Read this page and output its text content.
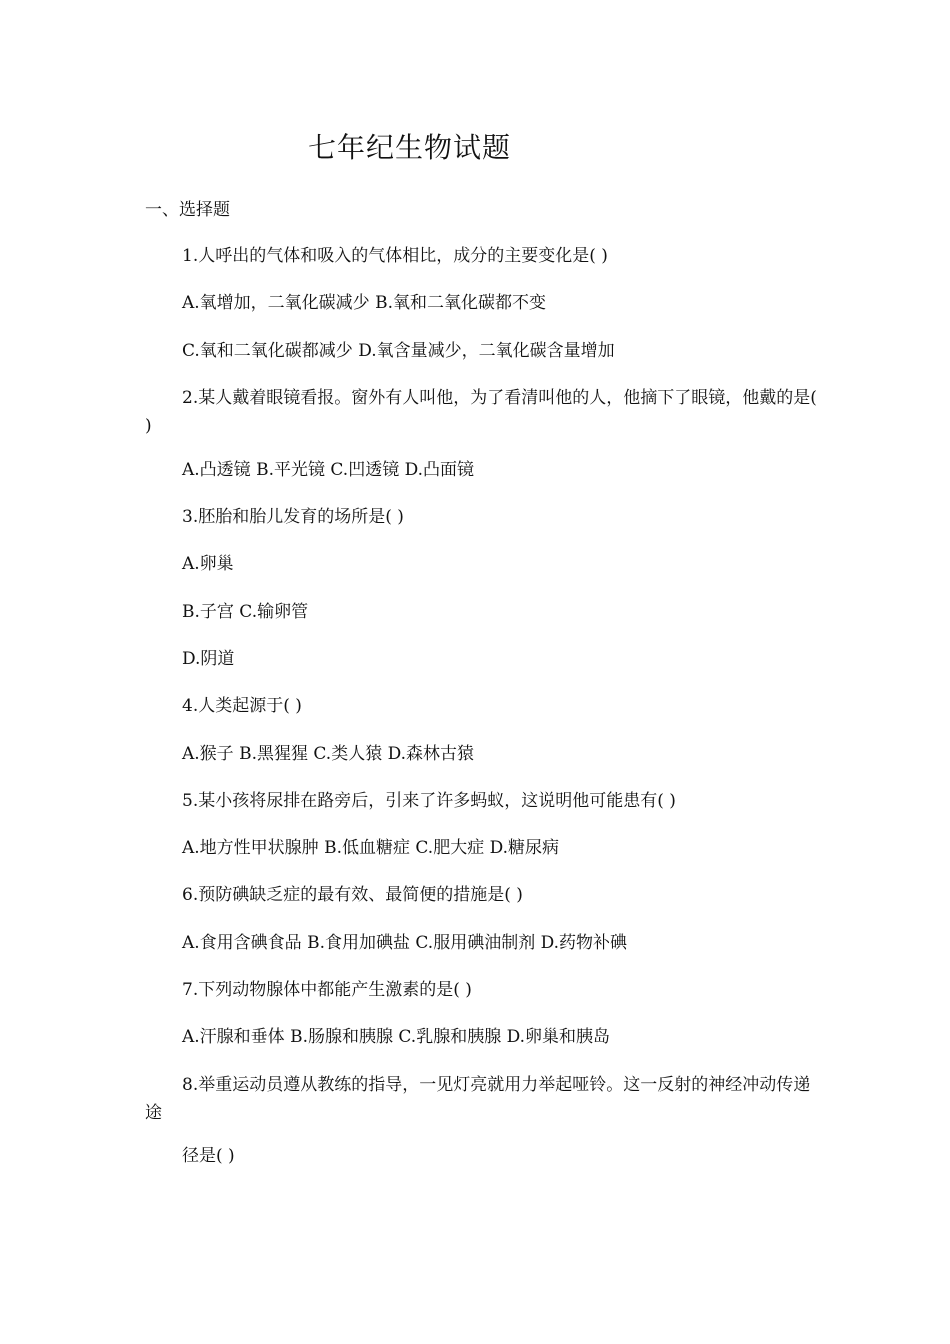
七年纪生物试题
一、选择题
1.人呼出的气体和吸入的气体相比，成分的主要变化是( )
A.氧增加，二氧化碳减少 B.氧和二氧化碳都不变
C.氧和二氧化碳都减少 D.氧含量减少，二氧化碳含量增加
2.某人戴着眼镜看报。窗外有人叫他，为了看清叫他的人，他摘下了眼镜，他戴的是( )
A.凸透镜 B.平光镜 C.凹透镜 D.凸面镜
3.胚胎和胎儿发育的场所是( )
A.卵巢
B.子宫 C.输卵管
D.阴道
4.人类起源于( )
A.猴子 B.黑猩猩 C.类人猿 D.森林古猿
5.某小孩将尿排在路旁后，引来了许多蚂蚁，这说明他可能患有( )
A.地方性甲状腺肿 B.低血糖症 C.肥大症 D.糖尿病
6.预防碘缺乏症的最有效、最简便的措施是( )
A.食用含碘食品 B.食用加碘盐 C.服用碘油制剂 D.药物补碘
7.下列动物腺体中都能产生激素的是( )
A.汗腺和垂体 B.肠腺和胰腺 C.乳腺和胰腺 D.卵巢和胰岛
8.举重运动员遵从教练的指导，一见灯亮就用力举起哑铃。这一反射的神经冲动传递途
径是( )
